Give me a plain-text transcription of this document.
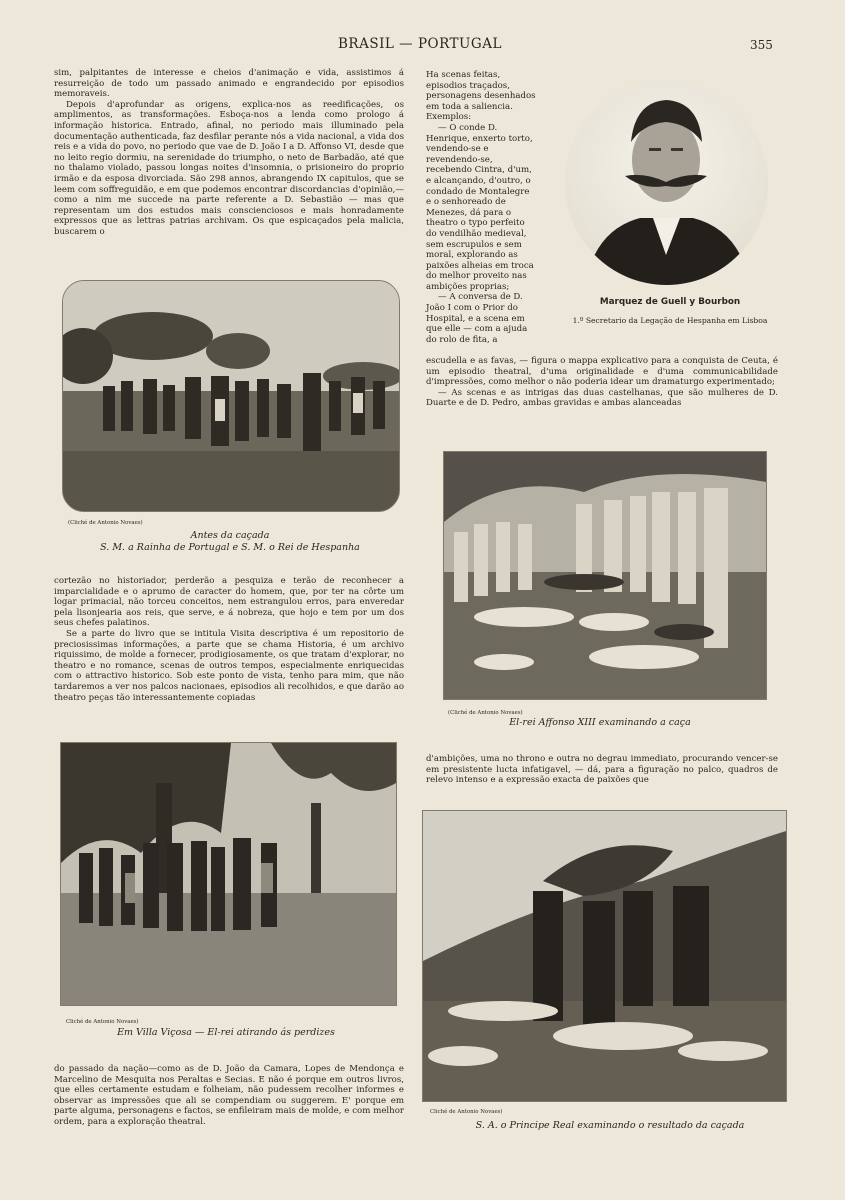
BRASIL — PORTUGAL	355

sim, palpitantes de interesse e cheios d'animação e vida, assistimos á resurreição de todo um passado animado e engrandecido por episodios memoraveis.

Depois d'aprofundar as origens, explica-nos as reedificações, os amplimentos, as transformações. Esboça-nos a lenda como prologo á informação historica. Entrado, afinal, no periodo mais illuminado pela documentação authenticada, faz desfilar perante nós a vida nacional, a vida dos reis e a vida do povo, no periodo que vae de D. João I a D. Affonso VI, desde que no leito regio dormiu, na serenidade do triumpho, o neto de Barbadão, até que no thalamo violado, passou longas noites d'insomnia, o prisioneiro do proprio irmão e da esposa divorciada. São 298 annos, abrangendo IX capitulos, que se leem com soffreguidão, e em que podemos encontrar discordancias d'opinião,— como a nim me succede na parte referente a D. Sebastião — mas que representam um dos estudos mais conscienciosos e mais honradamente expressos que as lettras patrias archivam. Os que espicaçados pela malicia, buscarem o

(Cliché de Antonio Novaes)
Antes da caçada
S. M. a Rainha de Portugal e S. M. o Rei de Hespanha

cortezão no historiador, perderão a pesquiza e terão de reconhecer a imparcialidade e o aprumo de caracter do homem, que, por ter na côrte um logar primacial, não torceu conceitos, nem estrangulou erros, para enveredar pela lisonjearia aos reis, que serve, e á nobreza, que hojo e tem por um dos seus chefes palatinos.

Se a parte do livro que se intitula Visita descriptiva é um repositorio de preciosissimas informações, a parte que se chama Historia, é um archivo riquissimo, de molde a fornecer, prodigiosamente, os que tratam d'explorar, no theatro e no romance, scenas de outros tempos, especialmente enriquecidas com o attractivo historico. Sob este ponto de vista, tenho para mim, que não tardaremos a ver nos palcos nacionaes, episodios ali recolhidos, e que darão ao theatro peças tão interessantemente copiadas

Cliché de Antonio Novaes)
Em Villa Viçosa — El-rei atirando ás perdizes

do passado da nação—como as de D. João da Camara, Lopes de Mendonça e Marcelino de Mesquita nos Peraltas e Secias. E não é porque em outros livros, que elles certamente estudam e folheiam, não pudessem recolher informes e observar as impressões que ali se compendiam ou suggerem. E' porque em parte alguma, personagens e factos, se enfileiram mais de molde, e com melhor ordem, para a exploração theatral.

Ha scenas feitas, episodios traçados, personagens desenhados em toda a saliencia. Exemplos:

— O conde D. Henrique, enxerto torto, vendendo-se e revendendo-se, recebendo Cintra, d'um, e alcançando, d'outro, o condado de Montalegre e o senhoreado de Menezes, dá para o theatro o typo perfeito do vendilhão medieval, sem escrupulos e sem moral, explorando as paixões alheias em troca do melhor proveito nas ambições proprias;

— A conversa de D. João I com o Prior do Hospital, e a scena em que elle — com a ajuda do rolo de fita, a

Marquez de Guell y Bourbon
1.º Secretario da Legação de Hespanha em Lisboa

escudella e as favas, — figura o mappa explicativo para a conquista de Ceuta, é um episodio theatral, d'uma originalidade e d'uma communicabilidade d'impressões, como melhor o não poderia idear um dramaturgo experimentado;

— As scenas e as intrigas das duas castelhanas, que são mulheres de D. Duarte e de D. Pedro, ambas gravidas e ambas alanceadas

(Cliché de Antonio Novaes)
El-rei Affonso XIII examinando a caça

d'ambições, uma no throno e outra no degrau immediato, procurando vencer-se em presistente lucta infatigavel, — dá, para a figuração no palco, quadros de relevo intenso e a expressão exacta de paixões que

Cliché de Antonio Novaes)
S. A. o Principe Real examinando o resultado da caçada
